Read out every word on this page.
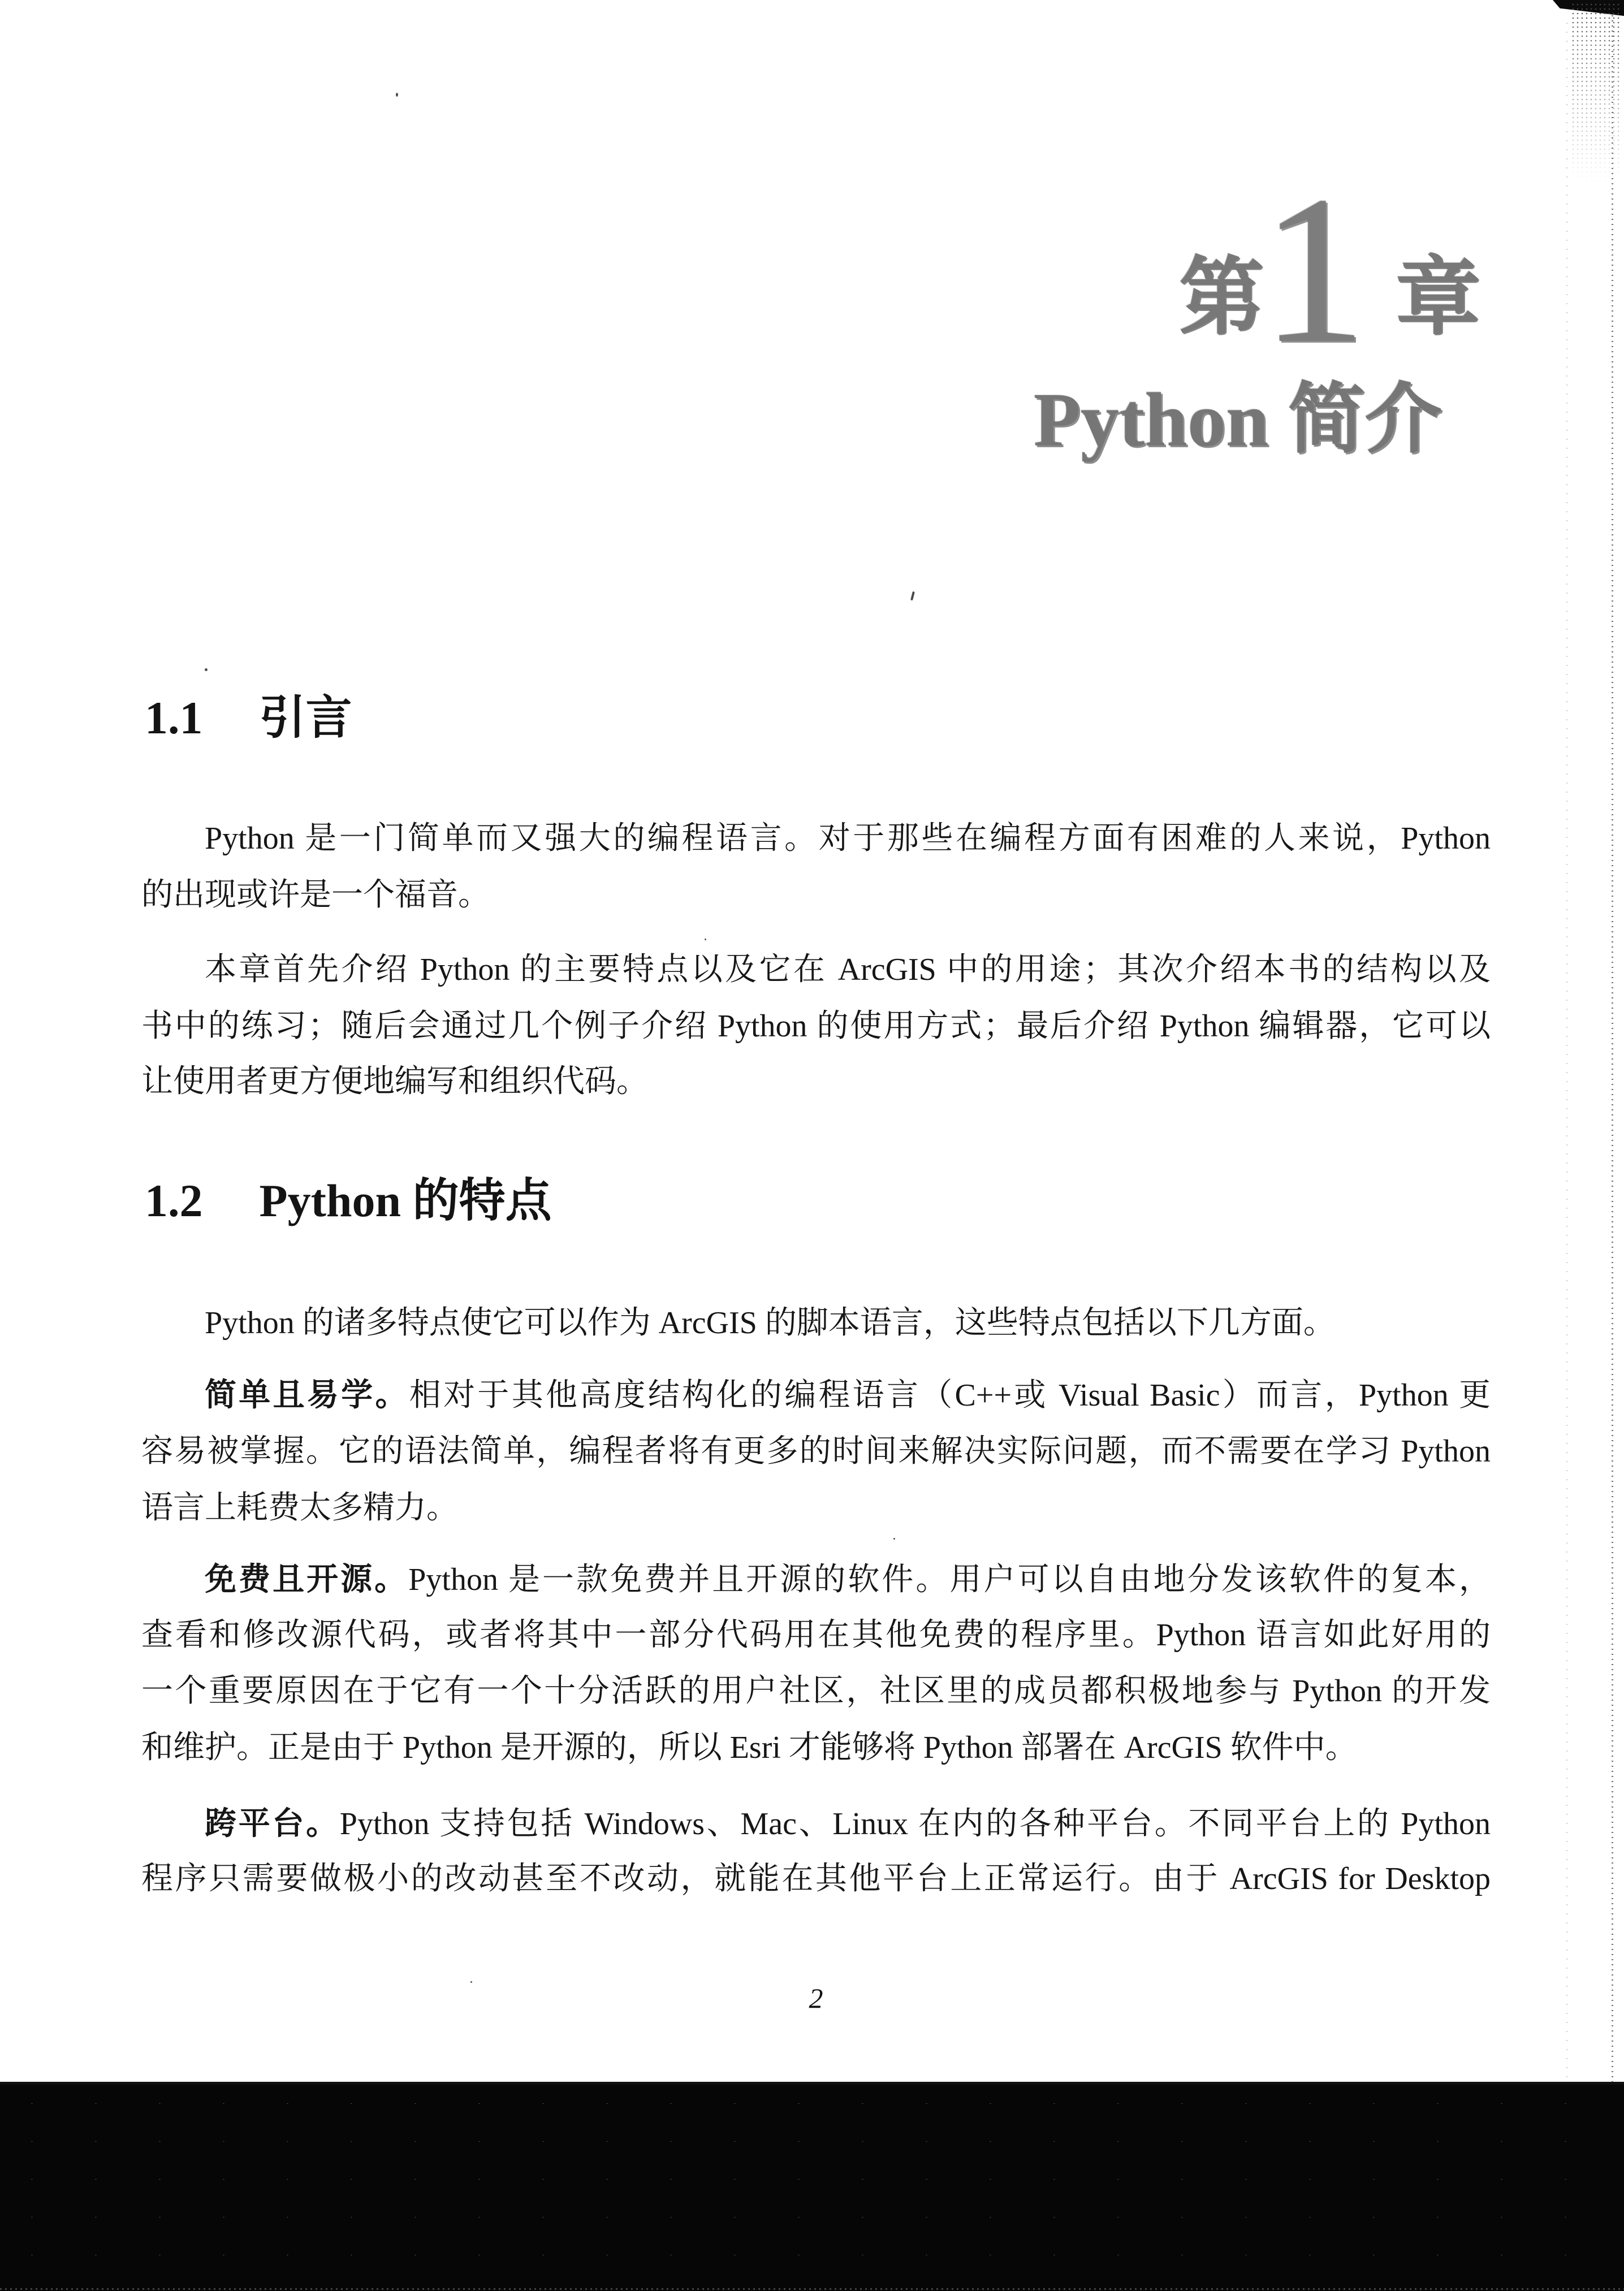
第
1 章
Python 简介
1.1 引言
Python 是一门简单而又强大的编程语言。对于那些在编程方面有困难的人来说，Python
的出现或许是一个福音。
本章首先介绍 Python 的主要特点以及它在 ArcGIS 中的用途；其次介绍本书的结构以及
书中的练习；随后会通过几个例子介绍 Python 的使用方式；最后介绍 Python 编辑器，它可以
让使用者更方便地编写和组织代码。
1.2 Python 的特点
Python 的诸多特点使它可以作为 ArcGIS 的脚本语言，这些特点包括以下几方面。
简单且易学。相对于其他高度结构化的编程语言（C++或 Visual Basic）而言，Python 更
容易被掌握。它的语法简单，编程者将有更多的时间来解决实际问题，而不需要在学习 Python
语言上耗费太多精力。
免费且开源。Python 是一款免费并且开源的软件。用户可以自由地分发该软件的复本，
查看和修改源代码，或者将其中一部分代码用在其他免费的程序里。Python 语言如此好用的
一个重要原因在于它有一个十分活跃的用户社区，社区里的成员都积极地参与 Python 的开发
和维护。正是由于 Python 是开源的，所以 Esri 才能够将 Python 部署在 ArcGIS 软件中。
跨平台。Python 支持包括 Windows、Mac、Linux 在内的各种平台。不同平台上的 Python
程序只需要做极小的改动甚至不改动，就能在其他平台上正常运行。由于 ArcGIS for Desktop
2
